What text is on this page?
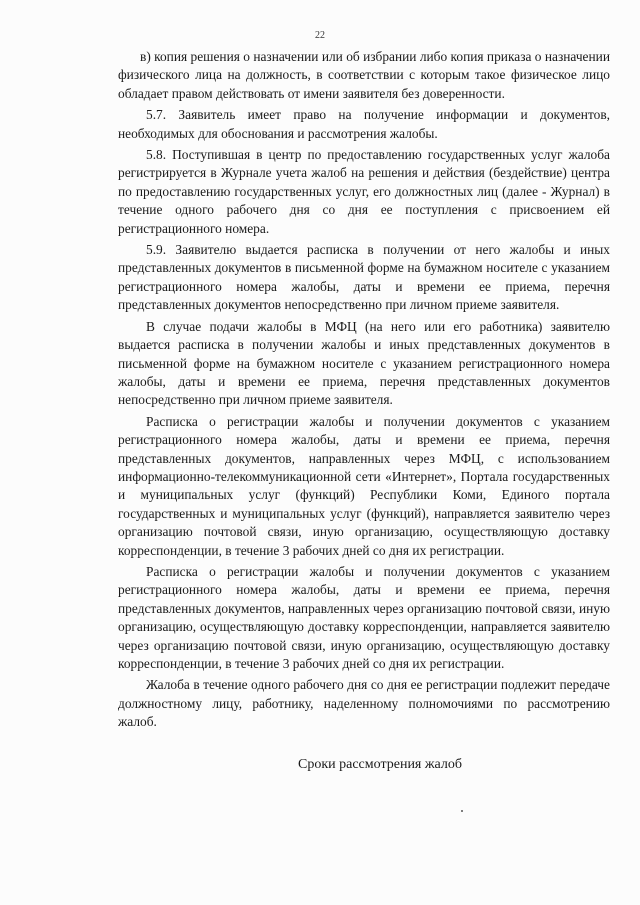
22

в) копия решения о назначении или об избрании либо копия приказа о назначении физического лица на должность, в соответствии с которым такое физическое лицо обладает правом действовать от имени заявителя без доверенности.

5.7. Заявитель имеет право на получение информации и документов, необходимых для обоснования и рассмотрения жалобы.

5.8. Поступившая в центр по предоставлению государственных услуг жалоба регистрируется в Журнале учета жалоб на решения и действия (бездействие) центра по предоставлению государственных услуг, его должностных лиц (далее - Журнал) в течение одного рабочего дня со дня ее поступления с присвоением ей регистрационного номера.

5.9. Заявителю выдается расписка в получении от него жалобы и иных представленных документов в письменной форме на бумажном носителе с указанием регистрационного номера жалобы, даты и времени ее приема, перечня представленных документов непосредственно при личном приеме заявителя.

В случае подачи жалобы в МФЦ (на него или его работника) заявителю выдается расписка в получении жалобы и иных представленных документов в письменной форме на бумажном носителе с указанием регистрационного номера жалобы, даты и времени ее приема, перечня представленных документов непосредственно при личном приеме заявителя.

Расписка о регистрации жалобы и получении документов с указанием регистрационного номера жалобы, даты и времени ее приема, перечня представленных документов, направленных через МФЦ, с использованием информационно-телекоммуникационной сети «Интернет», Портала государственных и муниципальных услуг (функций) Республики Коми, Единого портала государственных и муниципальных услуг (функций), направляется заявителю через организацию почтовой связи, иную организацию, осуществляющую доставку корреспонденции, в течение 3 рабочих дней со дня их регистрации.

Расписка о регистрации жалобы и получении документов с указанием регистрационного номера жалобы, даты и времени ее приема, перечня представленных документов, направленных через организацию почтовой связи, иную организацию, осуществляющую доставку корреспонденции, направляется заявителю через организацию почтовой связи, иную организацию, осуществляющую доставку корреспонденции, в течение 3 рабочих дней со дня их регистрации.

Жалоба в течение одного рабочего дня со дня ее регистрации подлежит передаче должностному лицу, работнику, наделенному полномочиями по рассмотрению жалоб.

Сроки рассмотрения жалоб
